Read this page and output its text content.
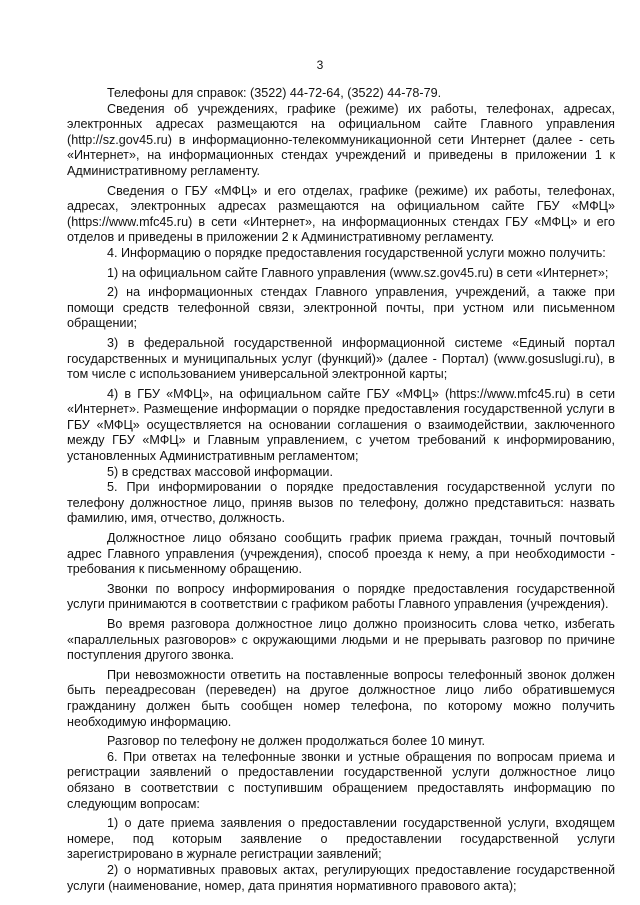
3

Телефоны для справок: (3522) 44-72-64, (3522) 44-78-79.

Сведения об учреждениях, графике (режиме) их работы, телефонах, адресах, электронных адресах размещаются на официальном сайте Главного управления (http://sz.gov45.ru) в информационно-телекоммуникационной сети Интернет (далее - сеть «Интернет», на информационных стендах учреждений и приведены в приложении 1 к Административному регламенту.

Сведения о ГБУ «МФЦ» и его отделах, графике (режиме) их работы, телефонах, адресах, электронных адресах размещаются на официальном сайте ГБУ «МФЦ» (https://www.mfc45.ru) в сети «Интернет», на информационных стендах ГБУ «МФЦ» и его отделов и приведены в приложении 2 к Административному регламенту.

4. Информацию о порядке предоставления государственной услуги можно получить:

1) на официальном сайте Главного управления (www.sz.gov45.ru) в сети «Интернет»;

2) на информационных стендах Главного управления, учреждений, а также при помощи средств телефонной связи, электронной почты, при устном или письменном обращении;

3) в федеральной государственной информационной системе «Единый портал государственных и муниципальных услуг (функций)» (далее - Портал) (www.gosuslugi.ru), в том числе с использованием универсальной электронной карты;

4) в ГБУ «МФЦ», на официальном сайте ГБУ «МФЦ» (https://www.mfc45.ru) в сети «Интернет». Размещение информации о порядке предоставления государственной услуги в ГБУ «МФЦ» осуществляется на основании соглашения о взаимодействии, заключенного между ГБУ «МФЦ» и Главным управлением, с учетом требований к информированию, установленных Административным регламентом;

5) в средствах массовой информации.

5. При информировании о порядке предоставления государственной услуги по телефону должностное лицо, приняв вызов по телефону, должно представиться: назвать фамилию, имя, отчество, должность.

Должностное лицо обязано сообщить график приема граждан, точный почтовый адрес Главного управления (учреждения), способ проезда к нему, а при необходимости - требования к письменному обращению.

Звонки по вопросу информирования о порядке предоставления государственной услуги принимаются в соответствии с графиком работы Главного управления (учреждения).

Во время разговора должностное лицо должно произносить слова четко, избегать «параллельных разговоров» с окружающими людьми и не прерывать разговор по причине поступления другого звонка.

При невозможности ответить на поставленные вопросы телефонный звонок должен быть переадресован (переведен) на другое должностное лицо либо обратившемуся гражданину должен быть сообщен номер телефона, по которому можно получить необходимую информацию.

Разговор по телефону не должен продолжаться более 10 минут.

6. При ответах на телефонные звонки и устные обращения по вопросам приема и регистрации заявлений о предоставлении государственной услуги должностное лицо обязано в соответствии с поступившим обращением предоставлять информацию по следующим вопросам:

1) о дате приема заявления о предоставлении государственной услуги, входящем номере, под которым заявление о предоставлении государственной услуги зарегистрировано в журнале регистрации заявлений;

2) о нормативных правовых актах, регулирующих предоставление государственной услуги (наименование, номер, дата принятия нормативного правового акта);
